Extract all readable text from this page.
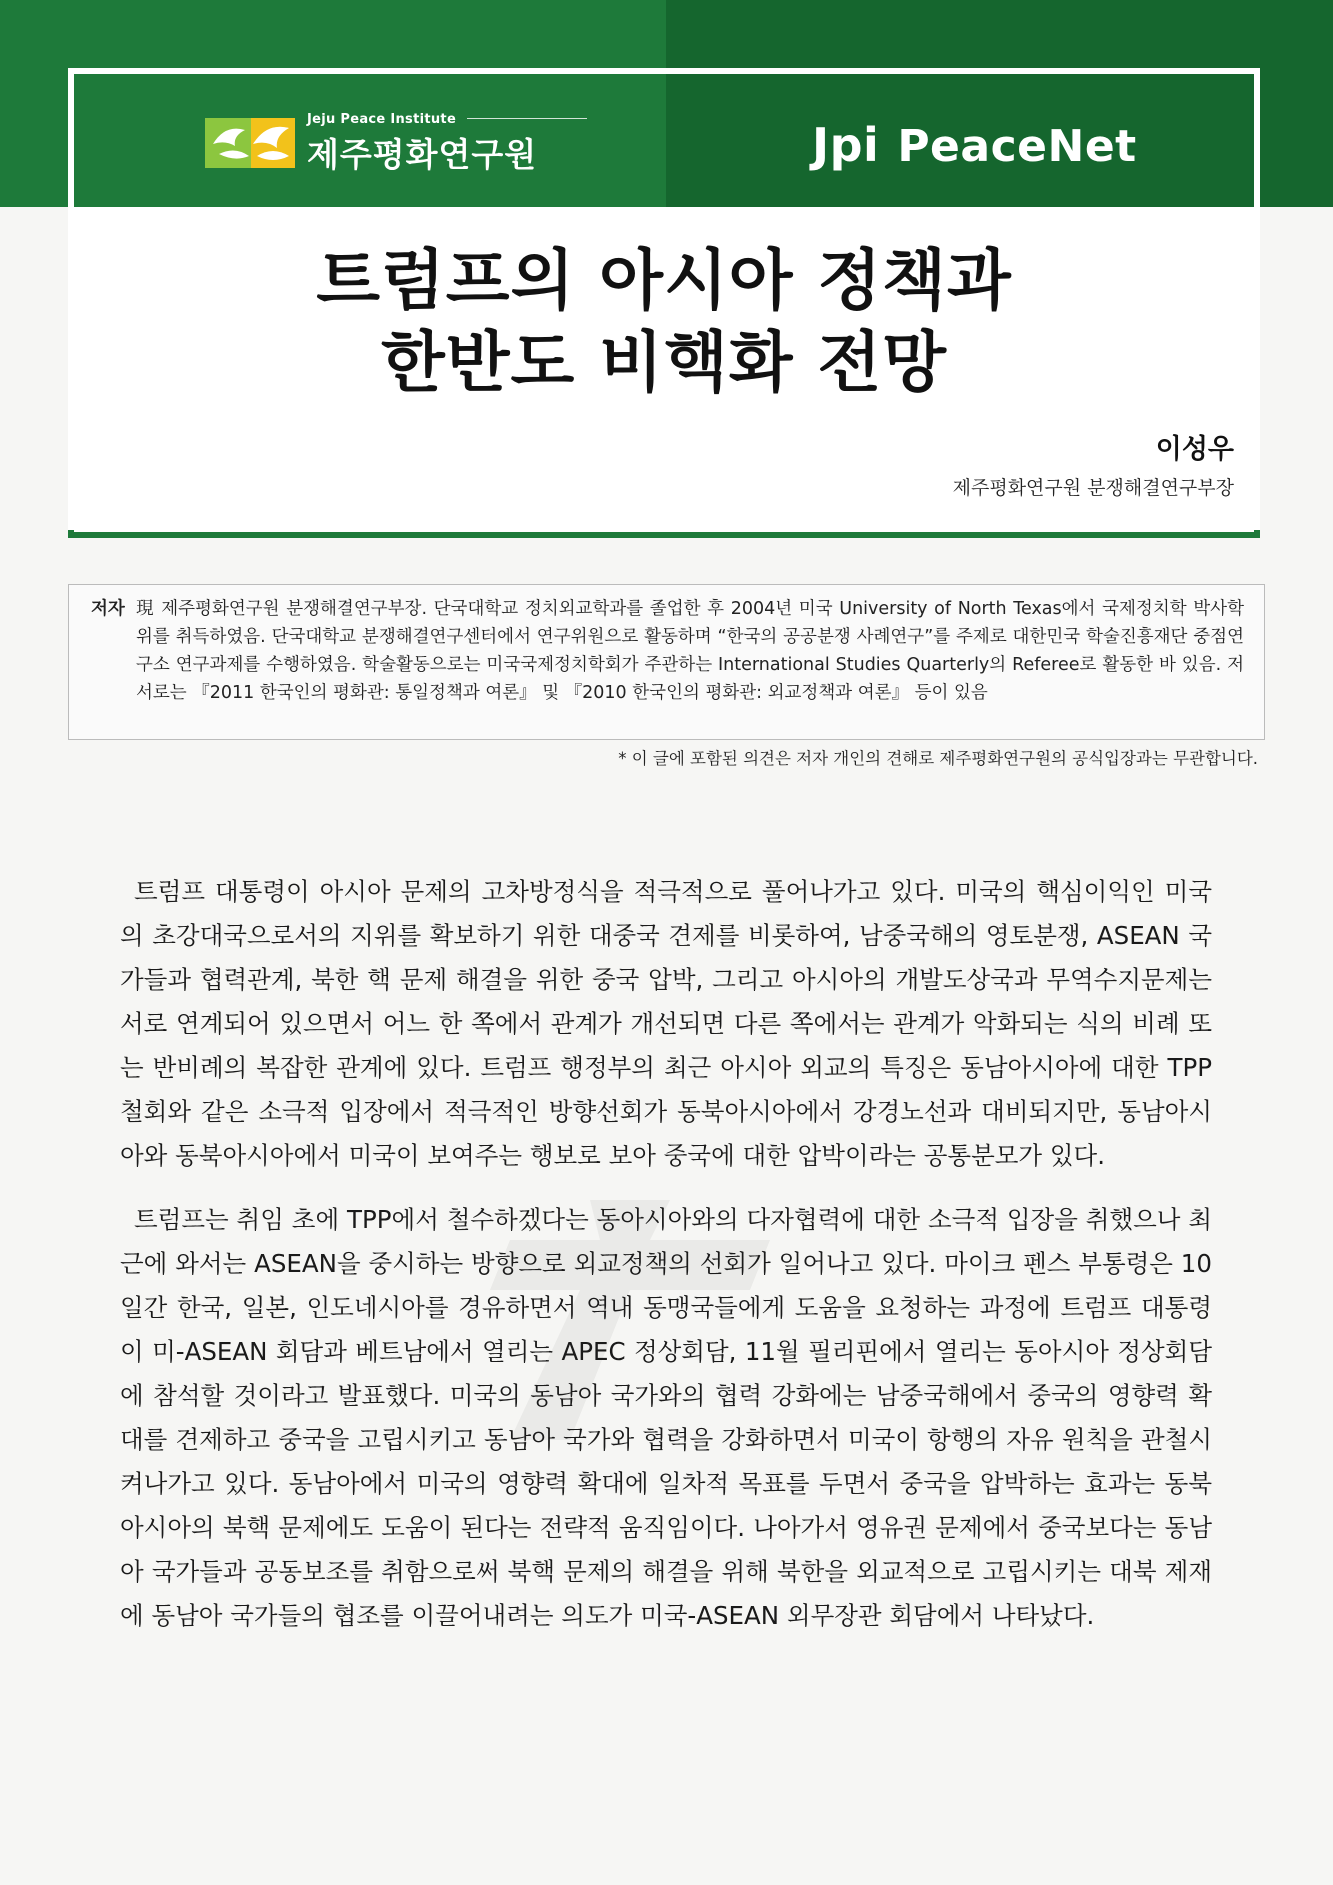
Jeju Peace Institute
제주평화연구원	Jpi PeaceNet
트럼프의 아시아 정책과
한반도 비핵화 전망
이성우
제주평화연구원 분쟁해결연구부장
저자 現 제주평화연구원 분쟁해결연구부장. 단국대학교 정치외교학과를 졸업한 후 2004년 미국 University of North Texas에서 국제정치학 박사학위를 취득하였음. 단국대학교 분쟁해결연구센터에서 연구위원으로 활동하며 “한국의 공공분쟁 사례연구”를 주제로 대한민국 학술진흥재단 중점연구소 연구과제를 수행하였음. 학술활동으로는 미국국제정치학회가 주관하는 International Studies Quarterly의 Referee로 활동한 바 있음. 저서로는 『2011 한국인의 평화관: 통일정책과 여론』 및 『2010 한국인의 평화관: 외교정책과 여론』 등이 있음
* 이 글에 포함된 의견은 저자 개인의 견해로 제주평화연구원의 공식입장과는 무관합니다.

트럼프 대통령이 아시아 문제의 고차방정식을 적극적으로 풀어나가고 있다. 미국의 핵심이익인 미국의 초강대국으로서의 지위를 확보하기 위한 대중국 견제를 비롯하여, 남중국해의 영토분쟁, ASEAN 국가들과 협력관계, 북한 핵 문제 해결을 위한 중국 압박, 그리고 아시아의 개발도상국과 무역수지문제는 서로 연계되어 있으면서 어느 한 쪽에서 관계가 개선되면 다른 쪽에서는 관계가 악화되는 식의 비례 또는 반비례의 복잡한 관계에 있다. 트럼프 행정부의 최근 아시아 외교의 특징은 동남아시아에 대한 TPP 철회와 같은 소극적 입장에서 적극적인 방향선회가 동북아시아에서 강경노선과 대비되지만, 동남아시아와 동북아시아에서 미국이 보여주는 행보로 보아 중국에 대한 압박이라는 공통분모가 있다.

트럼프는 취임 초에 TPP에서 철수하겠다는 동아시아와의 다자협력에 대한 소극적 입장을 취했으나 최근에 와서는 ASEAN을 중시하는 방향으로 외교정책의 선회가 일어나고 있다. 마이크 펜스 부통령은 10일간 한국, 일본, 인도네시아를 경유하면서 역내 동맹국들에게 도움을 요청하는 과정에 트럼프 대통령이 미-ASEAN 회담과 베트남에서 열리는 APEC 정상회담, 11월 필리핀에서 열리는 동아시아 정상회담에 참석할 것이라고 발표했다. 미국의 동남아 국가와의 협력 강화에는 남중국해에서 중국의 영향력 확대를 견제하고 중국을 고립시키고 동남아 국가와 협력을 강화하면서 미국이 항행의 자유 원칙을 관철시켜나가고 있다. 동남아에서 미국의 영향력 확대에 일차적 목표를 두면서 중국을 압박하는 효과는 동북아시아의 북핵 문제에도 도움이 된다는 전략적 움직임이다. 나아가서 영유권 문제에서 중국보다는 동남아 국가들과 공동보조를 취함으로써 북핵 문제의 해결을 위해 북한을 외교적으로 고립시키는 대북 제재에 동남아 국가들의 협조를 이끌어내려는 의도가 미국-ASEAN 외무장관 회담에서 나타났다.
